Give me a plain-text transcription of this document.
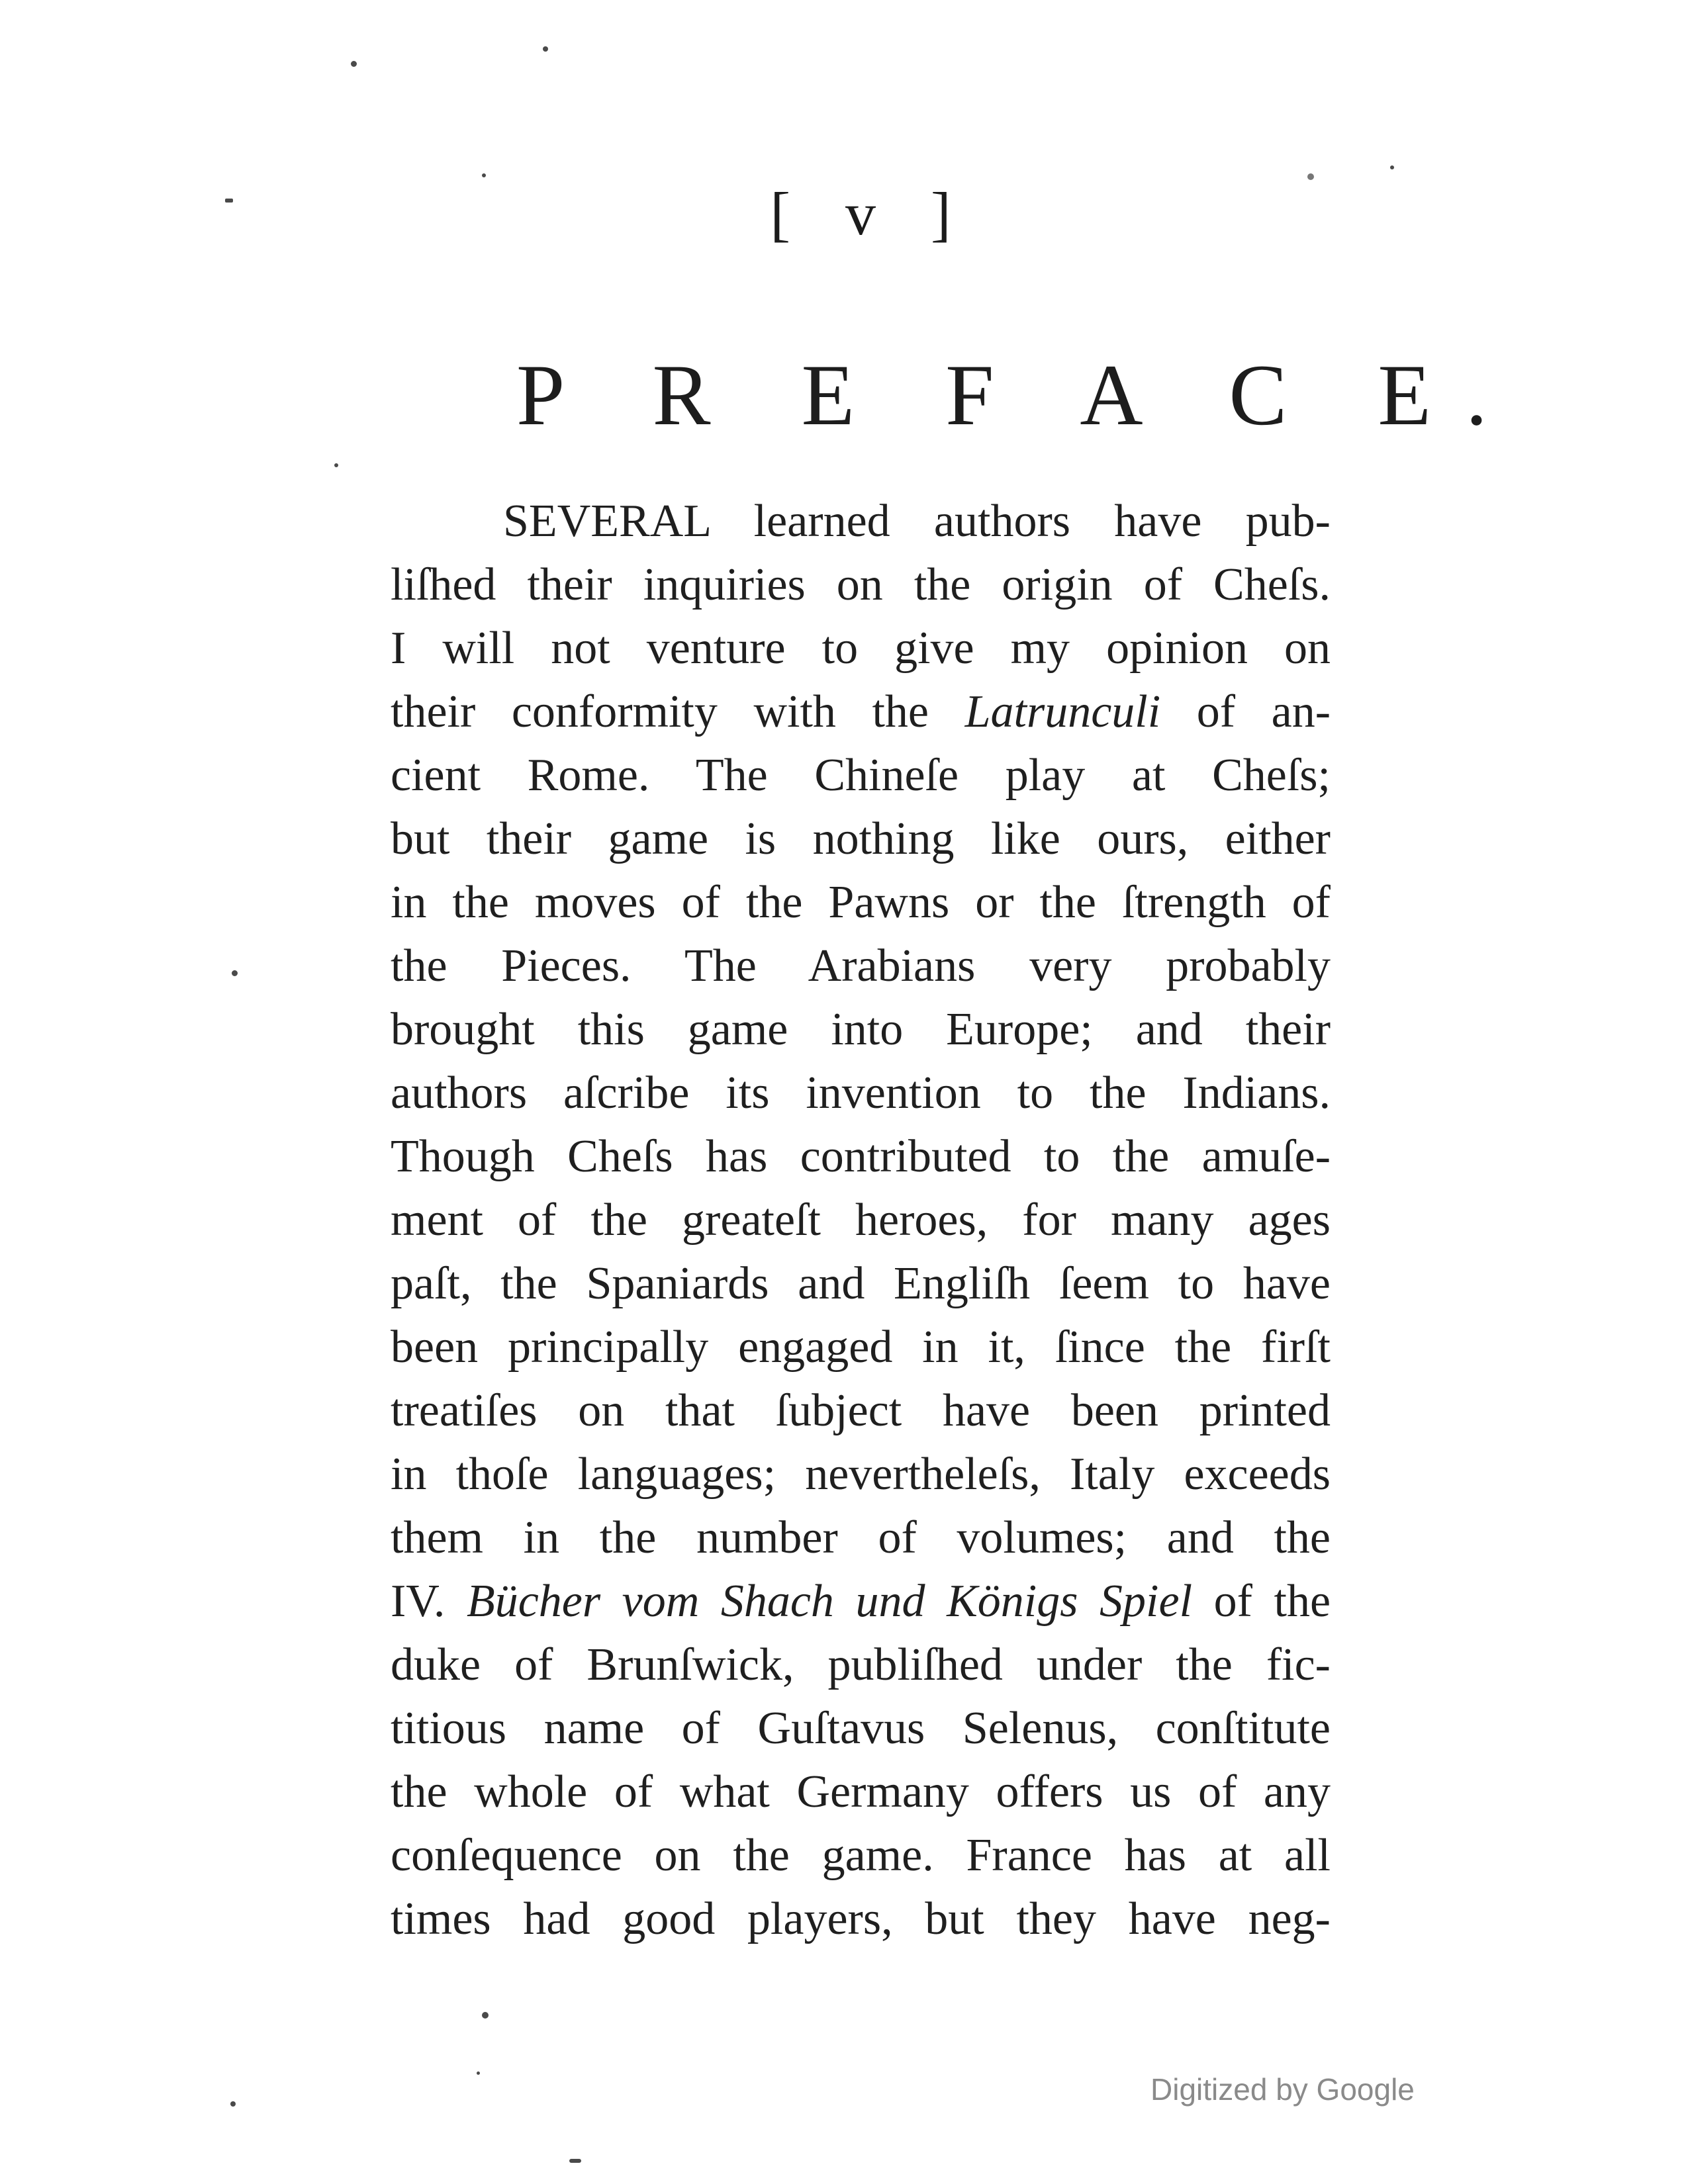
[ v ]
P R E F A C E.
SEVERAL learned authors have pub-
liſhed their inquiries on the origin of Cheſs.
I will not venture to give my opinion on
their conformity with the Latrunculi of an-
cient Rome. The Chineſe play at Cheſs;
but their game is nothing like ours, either
in the moves of the Pawns or the ſtrength of
the Pieces. The Arabians very probably
brought this game into Europe; and their
authors aſcribe its invention to the Indians.
Though Cheſs has contributed to the amuſe-
ment of the greateſt heroes, for many ages
paſt, the Spaniards and Engliſh ſeem to have
been principally engaged in it, ſince the firſt
treatiſes on that ſubject have been printed
in thoſe languages; nevertheleſs, Italy exceeds
them in the number of volumes; and the
IV. Bücher vom Shach und Königs Spiel of the
duke of Brunſwick, publiſhed under the fic-
titious name of Guſtavus Selenus, conſtitute
the whole of what Germany offers us of any
conſequence on the game. France has at all
times had good players, but they have neg-
Digitized by Google
